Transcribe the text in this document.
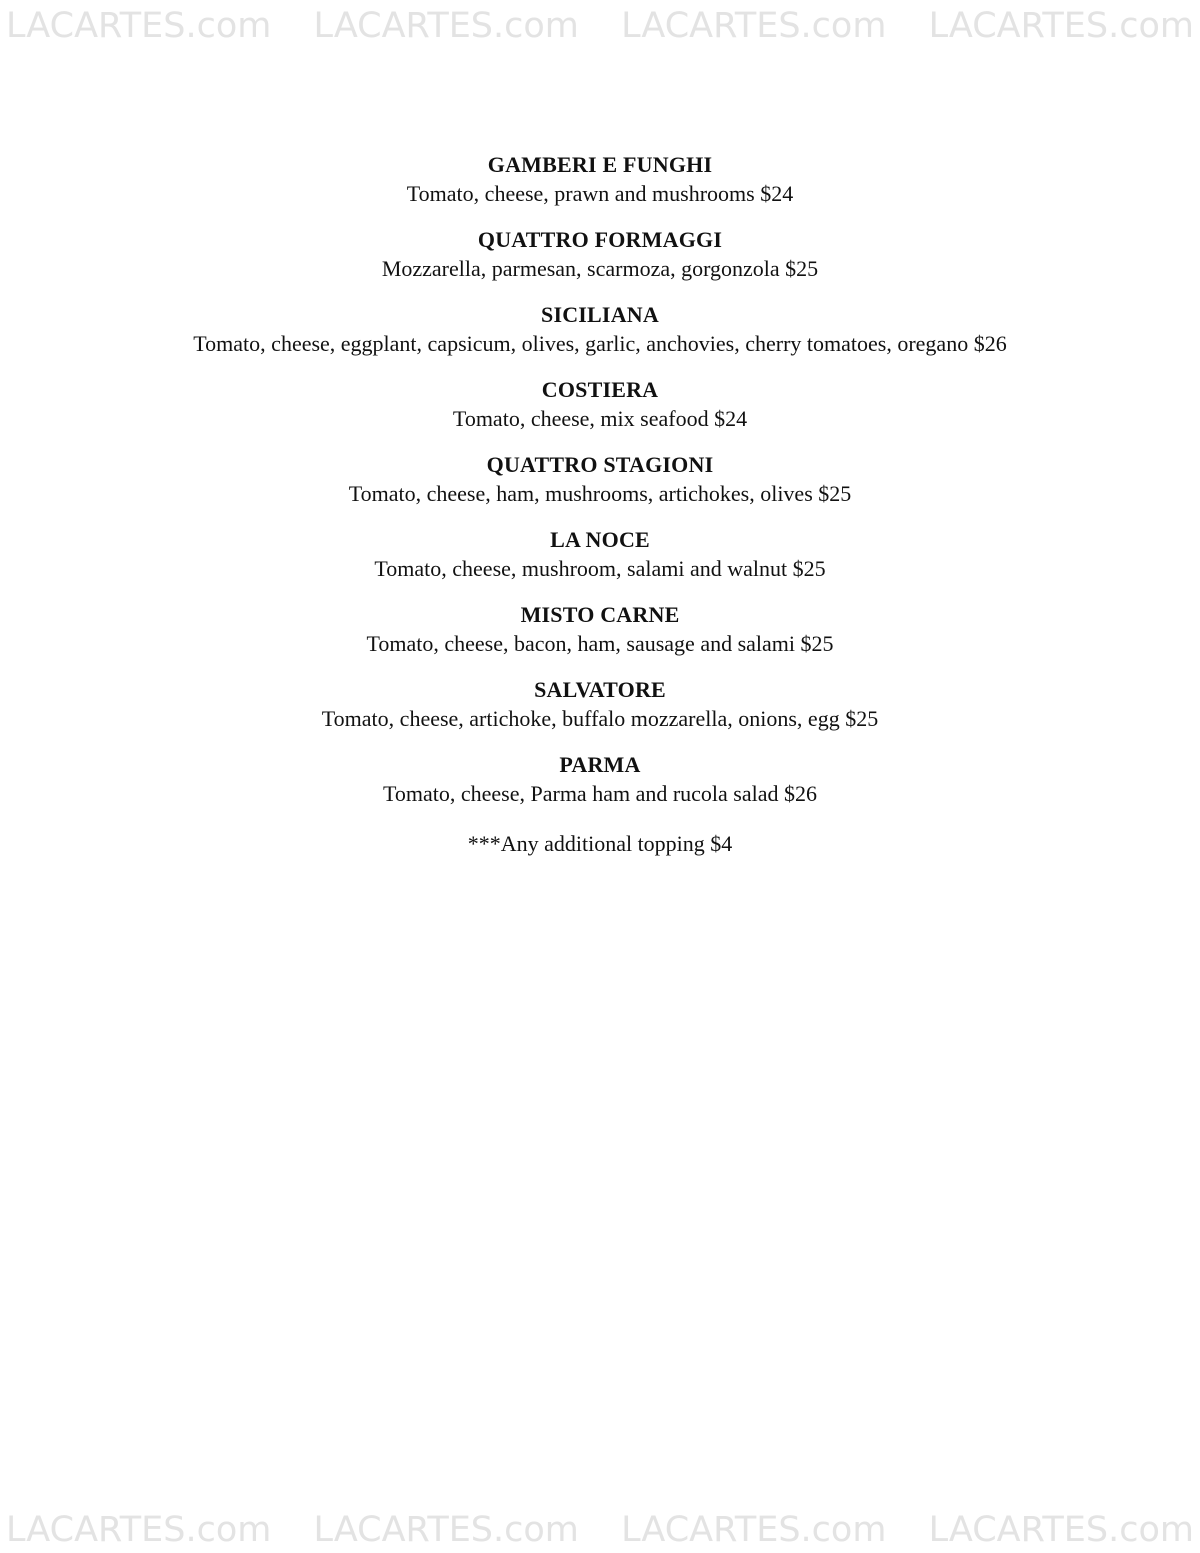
LACARTES.com LACARTES.com LACARTES.com LACARTES.com
GAMBERI E FUNGHI
Tomato, cheese, prawn and mushrooms $24
QUATTRO FORMAGGI
Mozzarella, parmesan, scarmoza, gorgonzola $25
SICILIANA
Tomato, cheese, eggplant, capsicum, olives, garlic, anchovies, cherry tomatoes, oregano $26
COSTIERA
Tomato, cheese, mix seafood $24
QUATTRO STAGIONI
Tomato, cheese, ham, mushrooms, artichokes, olives $25
LA NOCE
Tomato, cheese, mushroom, salami and walnut $25
MISTO CARNE
Tomato, cheese, bacon, ham, sausage and salami $25
SALVATORE
Tomato, cheese, artichoke, buffalo mozzarella, onions, egg $25
PARMA
Tomato, cheese, Parma ham and rucola salad $26
***Any additional topping $4
LACARTES.com LACARTES.com LACARTES.com LACARTES.com
